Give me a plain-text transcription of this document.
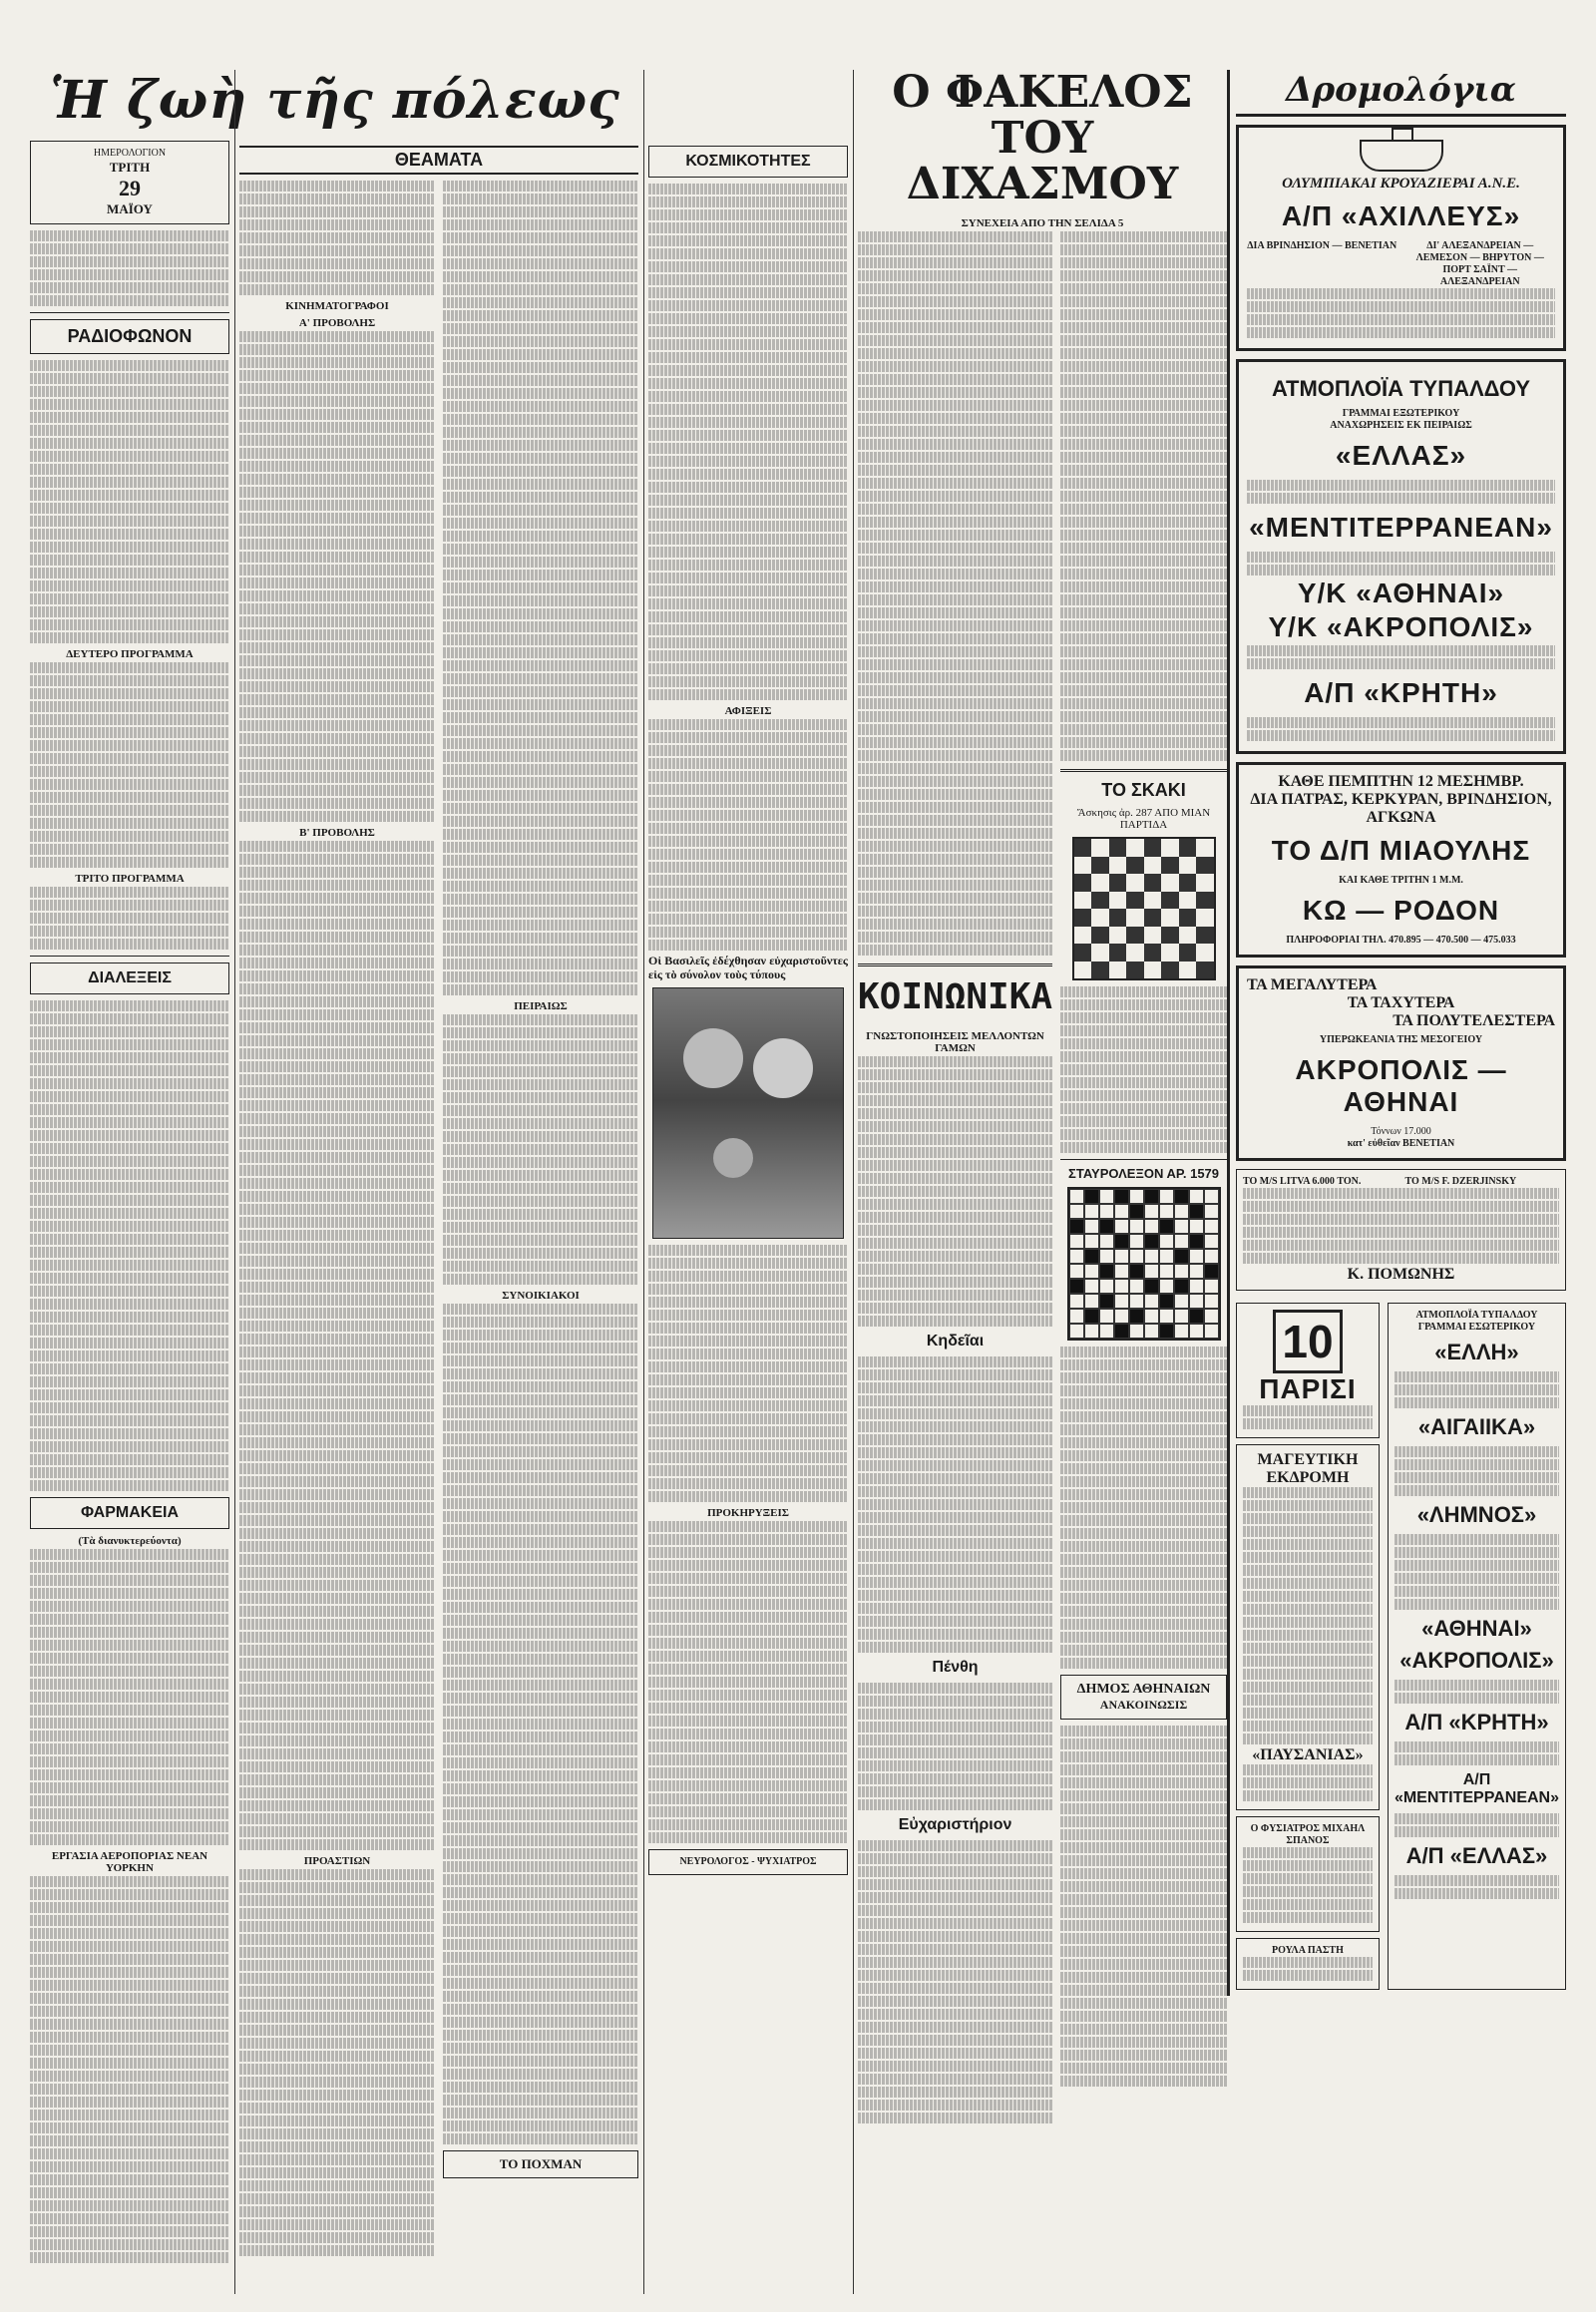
Ἡ ζωὴ τῆς πόλεως
ΗΜΕΡΟΛΟΓΙΟΝ
ΤΡΙΤΗ
29
ΜΑΪΟΥ
ΡΑΔΙΟΦΩΝΟΝ
ΔΕΥΤΕΡΟ ΠΡΟΓΡΑΜΜΑ
ΤΡΙΤΟ ΠΡΟΓΡΑΜΜΑ
ΔΙΑΛΕΞΕΙΣ
ΦΑΡΜΑΚΕΙΑ
(Τὰ διανυκτερεύοντα)
ΕΡΓΑΣΙΑ ΑΕΡΟΠΟΡΙΑΣ ΝΕΑΝ ΥΟΡΚΗΝ
ΘΕΑΜΑΤΑ
ΚΙΝΗΜΑΤΟΓΡΑΦΟΙ
Α' ΠΡΟΒΟΛΗΣ
Β' ΠΡΟΒΟΛΗΣ
ΠΡΟΑΣΤΙΩΝ
ΠΕΙΡΑΙΩΣ
ΣΥΝΟΙΚΙΑΚΟΙ
ΤΟ ΠΟΧΜΑΝ
ΚΟΣΜΙΚΟΤΗΤΕΣ
ΑΦΙΞΕΙΣ
Οἱ Βασιλεῖς ἐδέχθησαν εὐχαριστοῦντες εἰς τὸ σύνολον τοὺς τύπους
ΠΡΟΚΗΡΥΞΕΙΣ
ΝΕΥΡΟΛΟΓΟΣ - ΨΥΧΙΑΤΡΟΣ
Ο ΦΑΚΕΛΟΣ ΤΟΥ ΔΙΧΑΣΜΟΥ
ΣΥΝΕΧΕΙΑ ΑΠΟ ΤΗΝ ΣΕΛΙΔΑ 5
ΚΟΙΝΩΝΙΚΑ
ΓΝΩΣΤΟΠΟΙΗΣΕΙΣ ΜΕΛΛΟΝΤΩΝ ΓΑΜΩΝ
Κηδεῖαι
Πένθη
Εὐχαριστήριον
ΤΟ ΣΚΑΚΙ
Ἄσκησις ἀρ. 287 ΑΠΟ ΜΙΑΝ ΠΑΡΤΙΔΑ
ΣΤΑΥΡΟΛΕΞΟΝ ΑΡ. 1579
ΔΗΜΟΣ ΑΘΗΝΑΙΩΝ
ΑΝΑΚΟΙΝΩΣΙΣ
Δρομολόγια
ΟΛΥΜΠΙΑΚΑΙ ΚΡΟΥΑΖΙΕΡΑΙ Α.Ν.Ε.
Α/Π «ΑΧΙΛΛΕΥΣ»
ΔΙΑ ΒΡΙΝΔΗΣΙΟΝ — ΒΕΝΕΤΙΑΝ	ΔΙ' ΑΛΕΞΑΝΔΡΕΙΑΝ — ΛΕΜΕΣΟΝ — ΒΗΡΥΤΟΝ — ΠΟΡΤ ΣΑΪΝΤ — ΑΛΕΞΑΝΔΡΕΙΑΝ
ΑΤΜΟΠΛΟΪΑ ΤΥΠΑΛΔΟΥ
ΓΡΑΜΜΑΙ ΕΞΩΤΕΡΙΚΟΥ
ΑΝΑΧΩΡΗΣΕΙΣ ΕΚ ΠΕΙΡΑΙΩΣ
«ΕΛΛΑΣ»
«ΜΕΝΤΙΤΕΡΡΑΝΕΑΝ»
Υ/Κ «ΑΘΗΝΑΙ»
Υ/Κ «ΑΚΡΟΠΟΛΙΣ»
Α/Π «ΚΡΗΤΗ»
ΚΑΘΕ ΠΕΜΠΤΗΝ 12 ΜΕΣΗΜΒΡ.
ΔΙΑ ΠΑΤΡΑΣ, ΚΕΡΚΥΡΑΝ, ΒΡΙΝΔΗΣΙΟΝ, ΑΓΚΩΝΑ
ΤΟ Δ/Π ΜΙΑΟΥΛΗΣ
ΚΑΙ ΚΑΘΕ ΤΡΙΤΗΝ 1 Μ.Μ.
ΚΩ — ΡΟΔΟΝ
ΠΛΗΡΟΦΟΡΙΑΙ ΤΗΛ. 470.895 — 470.500 — 475.033
ΤΑ ΜΕΓΑΛΥΤΕΡΑ
ΤΑ ΤΑΧΥΤΕΡΑ
ΤΑ ΠΟΛΥΤΕΛΕΣΤΕΡΑ
ΥΠΕΡΩΚΕΑΝΙΑ ΤΗΣ ΜΕΣΟΓΕΙΟΥ
ΑΚΡΟΠΟΛΙΣ — ΑΘΗΝΑΙ
Τόννων 17.000
κατ' εὐθεῖαν ΒΕΝΕΤΙΑΝ
ΤΟ Μ/S LITVA 6.000 ΤΟΝ.	ΤΟ Μ/S F. DZERJINSKY
Κ. ΠΟΜΩΝΗΣ
10 ΠΑΡΙΣΙ
ΜΑΓΕΥΤΙΚΗ ΕΚΔΡΟΜΗ
«ΠΑΥΣΑΝΙΑΣ»
Ο ΦΥΣΙΑΤΡΟΣ ΜΙΧΑΗΛ ΣΠΑΝΟΣ
ΡΟΥΛΑ ΠΑΣΤΗ
ΑΤΜΟΠΛΟΪΑ ΤΥΠΑΛΔΟΥ
ΓΡΑΜΜΑΙ ΕΣΩΤΕΡΙΚΟΥ
«ΕΛΛΗ»
«ΑΙΓΑΙΙΚΑ»
«ΛΗΜΝΟΣ»
«ΑΘΗΝΑΙ»
«ΑΚΡΟΠΟΛΙΣ»
Α/Π «ΚΡΗΤΗ»
Α/Π «ΜΕΝΤΙΤΕΡΡΑΝΕΑΝ»
Α/Π «ΕΛΛΑΣ»
